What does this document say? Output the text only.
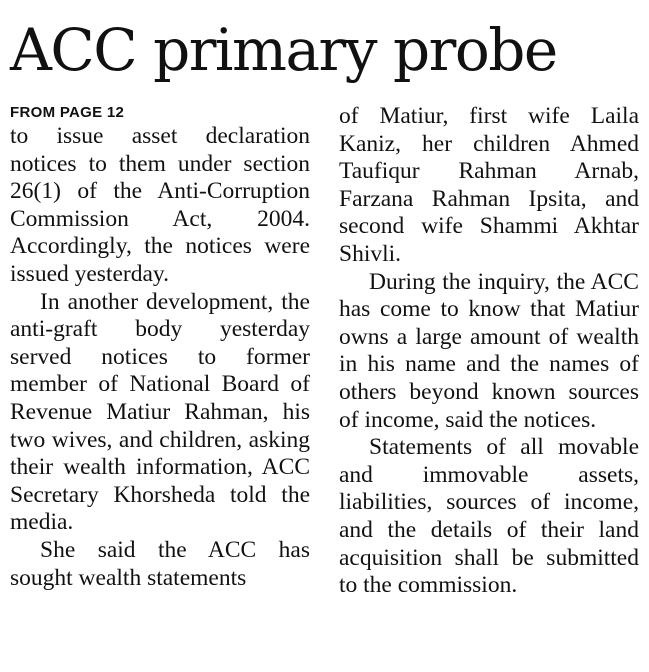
ACC primary probe
FROM PAGE 12

to issue asset declaration notices to them under section 26(1) of the Anti-Corruption Commission Act, 2004. Accordingly, the notices were issued yesterday.

In another development, the anti-graft body yesterday served notices to former member of National Board of Revenue Matiur Rahman, his two wives, and children, asking their wealth information, ACC Secretary Khorsheda told the media.

She said the ACC has sought wealth statements

of Matiur, first wife Laila Kaniz, her children Ahmed Taufiqur Rahman Arnab, Farzana Rahman Ipsita, and second wife Shammi Akhtar Shivli.

During the inquiry, the ACC has come to know that Matiur owns a large amount of wealth in his name and the names of others beyond known sources of income, said the notices.

Statements of all movable and immovable assets, liabilities, sources of income, and the details of their land acquisition shall be submitted to the commission.
